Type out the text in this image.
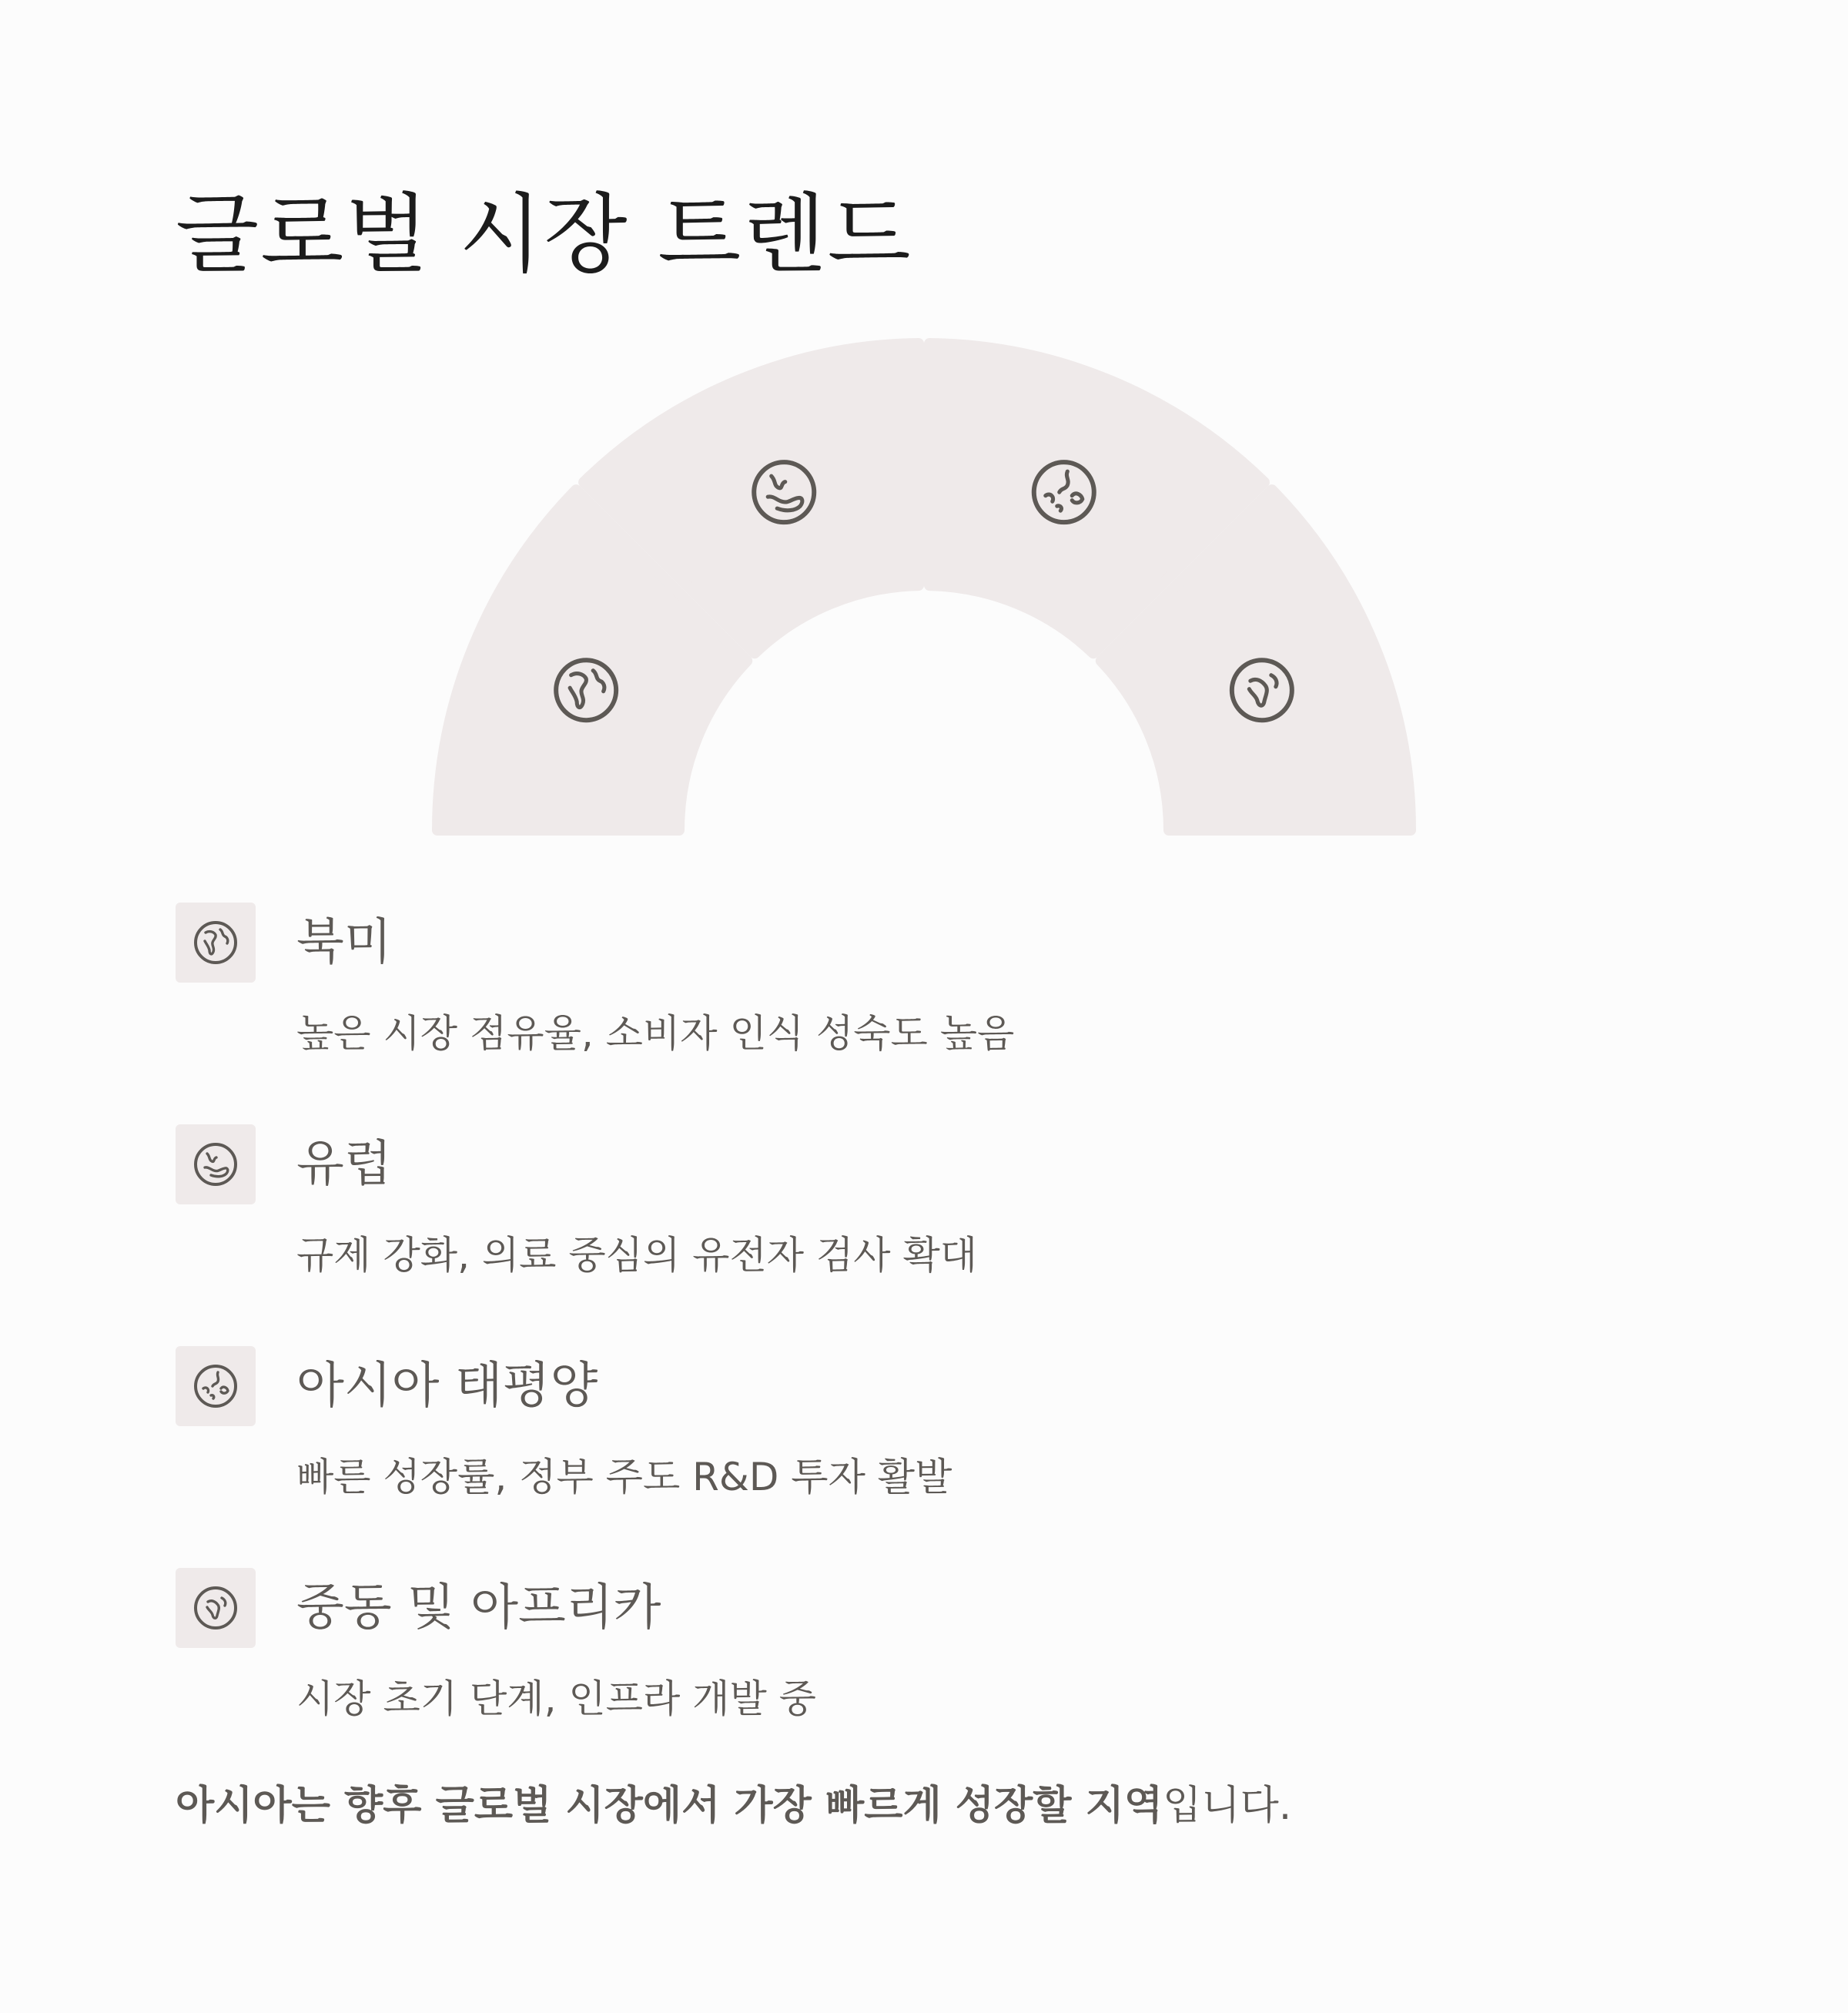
글로벌 시장 트렌드
북미
높은 시장 점유율, 소비자 인식 성숙도 높음
유럽
규제 강화, 의료 중심의 유전자 검사 확대
아시아 태평양
빠른 성장률, 정부 주도 R&D 투자 활발
중동 및 아프리카
시장 초기 단계, 인프라 개발 중
아시아는 향후 글로벌 시장에서 가장 빠르게 성장할 지역입니다.
